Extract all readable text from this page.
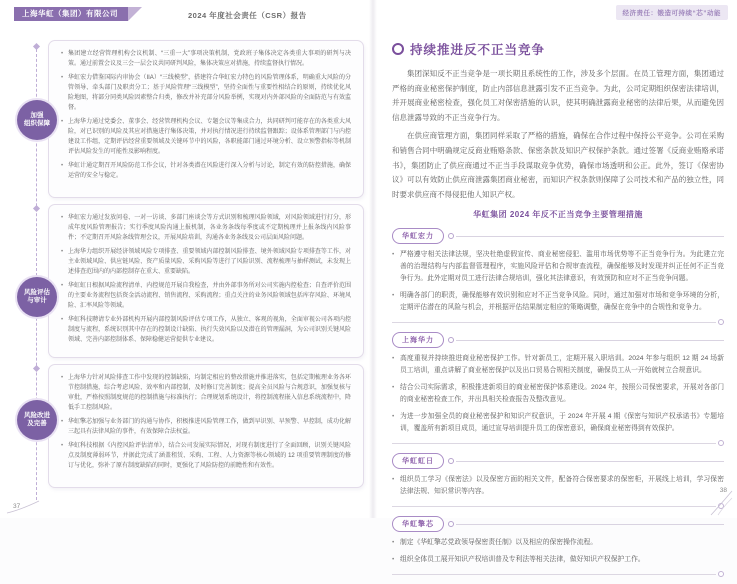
上海华虹（集团）有限公司	2024 年度社会责任（CSR）报告	经济责任：锻造可持续“芯”动能
加强
组织保障

• 集团建立经营管理机构会议机制、“三重一大”事项决策机制，党政班子集体决定各类重大事项的研判与决策。通过前置会议及三会一层会议共同研判风险，集体决策应对措施，持续监督执行情况。

• 华虹宏力借鉴国际内审协会（IIA）“三线模型”，搭建符合华虹宏力特色的风险管理体系，明确重大风险的分管领导、牵头部门及职责分工；基于风险管理“三线模型”，坚持全面性与重要性相结合的原则，持续优化风险地图，将部分同类风险因素整合归类，修改并补充部分风险举例，实现对内外部风险的全面防范与有效监督。

• 上海华力通过党委会、董事会、经营管理机构会议、专题会议等集成合力，共同研判可能存在的各类重大风险，对已识别的风险及其应对措施进行集体决策，并对执行情况进行持续监督跟踪；设体系管理部门与内控建设工作组，定期评估经营重要领域及关键环节中的风险，各职能部门通过环境分析、设立预警指标等机制评估风险发生的可能性及影响程度。

• 华虹计通定期召开风险防范工作会议，针对各类潜在风险进行深入分析与讨论，制定有效的防控措施，确保运营的安全与稳定。

风险评估
与审计

• 华虹宏力通过发放问卷、一对一访谈、多部门座谈会等方式识别和梳理风险领域，对风险领域进行打分，形成年度风险管理报告；实行季度风险沟通上报机制，各业务条线每季度或不定期梳理并上报条线内风险事件；不定期召开风险条线管理会议，开展风险培训，沟通各业务条线及公司层面风险问题。

• 上海华力组织开展经济领域风险专项排查、重要领域内部控制风险排查、境外领域风险专项排查等工作，对主业领域风险、供应链风险、资产质量风险、采购风险等进行了风险识别、流程梳理与抽样测试，未发现上述排查范围内的内部控制存在重大、重要缺陷。

• 华虹虹日根据风险流程清单、内控规范开展自我检查，并由外部事务所对公司实施内控检查；自查评价范围的主要业务流程包括资金活动流程、销售流程、采购流程；重点关注的业务风险领域包括库存风险、环境风险、汇率风险等领域。

• 华虹科技聘请专业外部机构开展内部控制风险评估专项工作，从独立、客观的视角，全面审视公司各项内控制度与流程，系统识别其中存在的控制设计缺陷、执行失效风险以及潜在的管理漏洞，为公司识别关键风险领域、完善内部控制体系、保障稳健运营提供专业建议。

风险改进
及完善

• 上海华力针对风险排查工作中发现的控制缺陷，均制定相应的整改措施并推进落实，包括定期梳理业务各环节控制措施，综合考虑风险、效率和内部控制，及时修订完善制度；提高全员风险与合规意识，加强复核与审批，严格按照制度规范的控制措施与标准执行；合理规划系统设计，将控制流程嵌入信息系统流程中，降低手工控制风险。

• 华虹擎芯加强与业务部门的沟通与协作，积极推进风险管理工作，做到早识别、早预警、早控制，成功化解三起具有法律风险的事件，有效保障合法权益。

• 华虹科技根据《内控风险评估清单》，结合公司发展实际情况，对现有制度进行了全面回顾，识别关键风险点及制度薄弱环节，并据此完成了涵盖租赁、采购、工程、人力资源等核心领域的 12 项重要管理制度的修订与优化，弥补了原有制度缺陷的同时，更强化了风险防控的前瞻性和有效性。

37
持续推进反不正当竞争

集团深知反不正当竞争是一项长期且系统性的工作，涉及多个层面。在员工管理方面，集团通过严格的商业秘密保护制度，防止内部信息泄露引发不正当竞争。为此，公司定期组织保密法律培训，并开展商业秘密检查，强化员工对保密措施的认识，使其明确泄露商业秘密的法律后果，从而避免因信息泄露导致的不正当竞争行为。

在供应商管理方面，集团同样采取了严格的措施，确保在合作过程中保持公平竞争。公司在采购和销售合同中明确规定反商业贿赂条款、保密条款及知识产权保护条款。通过签署《反商业贿赂承诺书》，集团防止了供应商通过不正当手段谋取竞争优势，确保市场透明和公正。此外，签订《保密协议》可以有效防止供应商泄露集团商业秘密，而知识产权条款则保障了公司技术和产品的独立性，同时要求供应商不得侵犯他人知识产权。

华虹集团 2024 年反不正当竞争主要管理措施
华虹宏力

• 严格遵守相关法律法规，坚决杜绝虚假宣传、商业秘密侵犯、滥用市场优势等不正当竞争行为。为此建立完善的治理结构与内部监督管理程序，实施风险评估和合规审查流程，确保能够及时发现并纠正任何不正当竞争行为。此外定期对员工进行法律合规培训，强化其法律意识，有效预防和应对不正当竞争问题。

• 明确各部门的职责，确保能够有效识别和应对不正当竞争风险。同时，通过加强对市场和竞争环境的分析，定期评估潜在的风险与机会，并根据评估结果制定相应的策略调整，确保在竞争中的合规性和竞争力。

上海华力

• 高度重视并持续推进商业秘密保护工作。针对新员工，定期开展入职培训。2024 年参与组织 12 期 24 场新员工培训，重点讲解了商业秘密保护以及出口贸易合规相关制度，确保员工从一开始就树立合规意识。

• 结合公司实际需求，积极推进新项目的商业秘密保护体系建设。2024 年，按照公司保密要求，开展对各部门的商业秘密检查工作，并出具相关检查报告及整改意见。

• 为进一步加强全员的商业秘密保护和知识产权意识，于 2024 年开展 4 期《保密与知识产权承诺书》专题培训，覆盖所有新项目成员，通过宣导培训提升员工的保密意识，确保商业秘密得到有效保护。

华虹虹日

• 组织员工学习《保密法》以及保密方面的相关文件，配备符合保密要求的保密柜，开展线上培训，学习保密法律法规、知识常识等内容。

华虹擎芯

• 制定《华虹擎芯党政领导保密责任制》以及相应的保密操作流程。

• 组织全体员工展开知识产权培训普及专利法等相关法律，做好知识产权保护工作。

38
